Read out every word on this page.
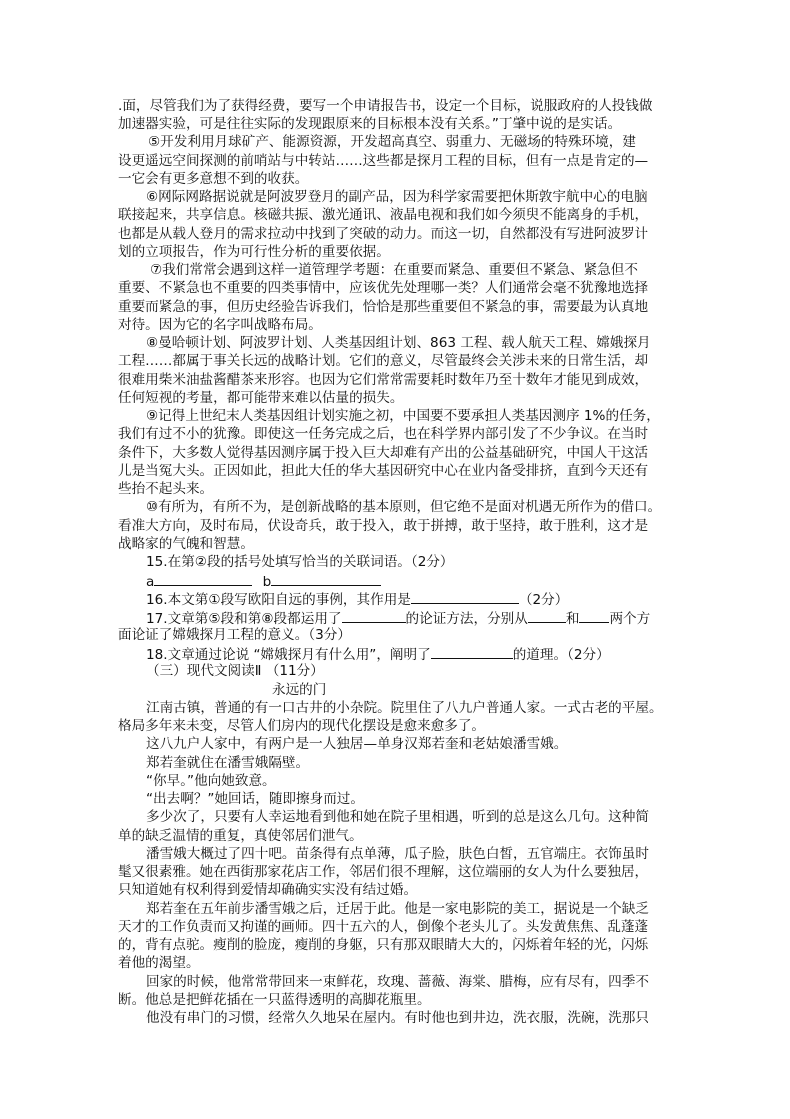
.面，尽管我们为了获得经费，要写一个申请报告书，设定一个目标，说服政府的人投钱做
加速器实验，可是往往实际的发现跟原来的目标根本没有关系。”丁肇中说的是实话。
⑤开发利用月球矿产、能源资源，开发超高真空、弱重力、无磁场的特殊环境，建
设更遥远空间探测的前哨站与中转站……这些都是探月工程的目标，但有一点是肯定的—
一它会有更多意想不到的收获。
⑥网际网路据说就是阿波罗登月的副产品，因为科学家需要把休斯敦宇航中心的电脑
联接起来，共享信息。核磁共振、激光通讯、液晶电视和我们如今须臾不能离身的手机，
也都是从载人登月的需求拉动中找到了突破的动力。而这一切，自然都没有写进阿波罗计
划的立项报告，作为可行性分析的重要依据。
⑦我们常常会遇到这样一道管理学考题：在重要而紧急、重要但不紧急、紧急但不
重要、不紧急也不重要的四类事情中，应该优先处理哪一类？人们通常会毫不犹豫地选择
重要而紧急的事，但历史经验告诉我们，恰恰是那些重要但不紧急的事，需要最为认真地
对待。因为它的名字叫战略布局。
⑧曼哈顿计划、阿波罗计划、人类基因组计划、863 工程、载人航天工程、嫦娥探月
工程……都属于事关长远的战略计划。它们的意义，尽管最终会关涉未来的日常生活，却
很难用柴米油盐酱醋茶来形容。也因为它们常常需要耗时数年乃至十数年才能见到成效，
任何短视的考量，都可能带来难以估量的损失。
⑨记得上世纪末人类基因组计划实施之初，中国要不要承担人类基因测序 1%的任务，
我们有过不小的犹豫。即使这一任务完成之后，也在科学界内部引发了不少争议。在当时
条件下，大多数人觉得基因测序属于投入巨大却难有产出的公益基础研究，中国人干这活
儿是当冤大头。正因如此，担此大任的华大基因研究中心在业内备受排挤，直到今天还有
些抬不起头来。
⑩有所为，有所不为，是创新战略的基本原则，但它绝不是面对机遇无所作为的借口。
看准大方向，及时布局，伏设奇兵，敢于投入，敢于拼搏，敢于坚持，敢于胜利，这才是
战略家的气魄和智慧。
15.在第②段的括号处填写恰当的关联词语。（2分）
a	b
16.本文第①段写欧阳自远的事例，其作用是	（2分）
17.文章第⑤段和第⑧段都运用了	的论证方法，分别从	和 两个方
面论证了嫦娥探月工程的意义。（3分）
18.文章通过论说 “嫦娥探月有什么用”，阐明了	的道理。（2分）
（三）现代文阅读Ⅱ （11分）
永远的门
江南古镇，普通的有一口古井的小杂院。院里住了八九户普通人家。一式古老的平屋。
格局多年来未变，尽管人们房内的现代化摆设是愈来愈多了。
这八九户人家中，有两户是一人独居—单身汉郑若奎和老姑娘潘雪娥。
郑若奎就住在潘雪娥隔壁。
“你早。”他向她致意。
“出去啊？”她回话，随即擦身而过。
多少次了，只要有人幸运地看到他和她在院子里相遇，听到的总是这么几句。这种简
单的缺乏温情的重复，真使邻居们泄气。
潘雪娥大概过了四十吧。苗条得有点单薄，瓜子脸，肤色白皙，五官端庄。衣饰虽时
髦又很素雅。她在西街那家花店工作，邻居们很不理解，这位端丽的女人为什么要独居，
只知道她有权利得到爱情却确确实实没有结过婚。
郑若奎在五年前步潘雪娥之后，迁居于此。他是一家电影院的美工，据说是一个缺乏
天才的工作负责而又拘谨的画师。四十五六的人，倒像个老头儿了。头发黄焦焦、乱蓬蓬
的，背有点驼。瘦削的脸庞，瘦削的身躯，只有那双眼睛大大的，闪烁着年轻的光，闪烁
着他的渴望。
回家的时候，他常常带回来一束鲜花，玫瑰、蔷薇、海棠、腊梅，应有尽有，四季不
断。他总是把鲜花插在一只蓝得透明的高脚花瓶里。
他没有串门的习惯，经常久久地呆在屋内。有时他也到井边，洗衣服，洗碗，洗那只
